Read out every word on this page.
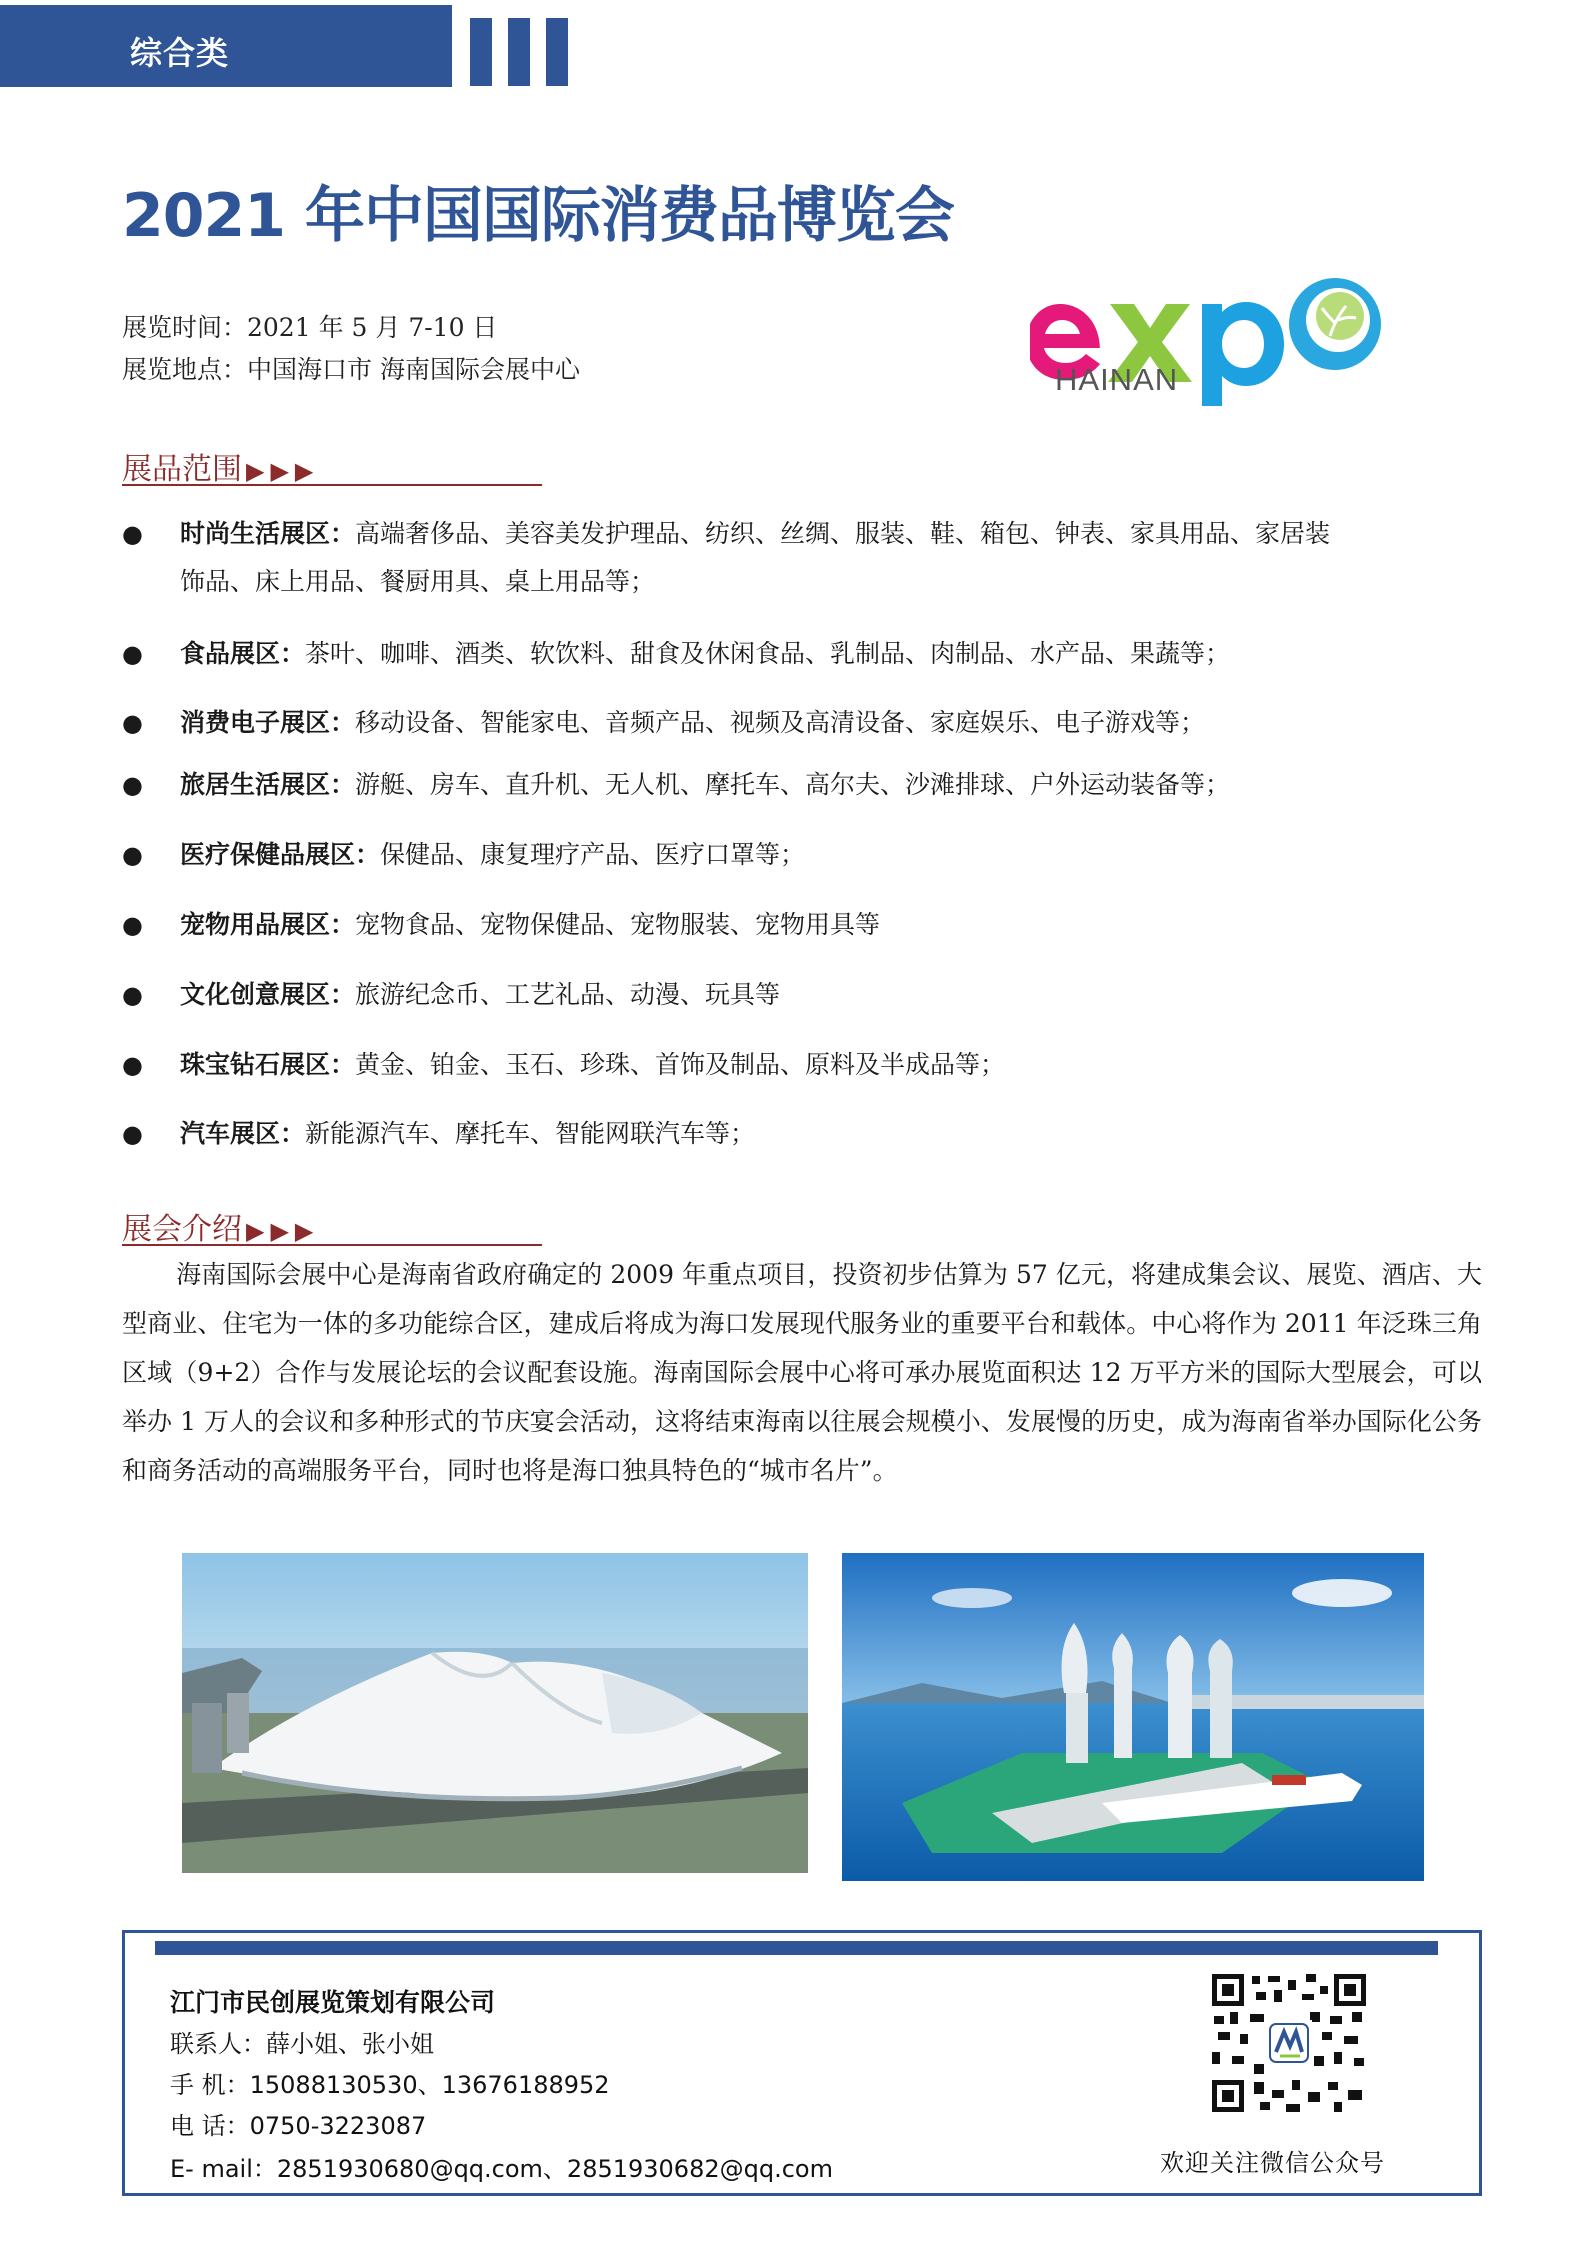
综合类
2021 年中国国际消费品博览会
展览时间：2021 年 5 月 7-10 日
展览地点：中国海口市 海南国际会展中心	HAINAN
展品范围 ▶▶▶
● 时尚生活展区：高端奢侈品、美容美发护理品、纺织、丝绸、服装、鞋、箱包、钟表、家具用品、家居装
饰品、床上用品、餐厨用具、桌上用品等；
● 食品展区：茶叶、咖啡、酒类、软饮料、甜食及休闲食品、乳制品、肉制品、水产品、果蔬等；
● 消费电子展区：移动设备、智能家电、音频产品、视频及高清设备、家庭娱乐、电子游戏等；
● 旅居生活展区：游艇、房车、直升机、无人机、摩托车、高尔夫、沙滩排球、户外运动装备等；
● 医疗保健品展区：保健品、康复理疗产品、医疗口罩等；
● 宠物用品展区：宠物食品、宠物保健品、宠物服装、宠物用具等
● 文化创意展区：旅游纪念币、工艺礼品、动漫、玩具等
● 珠宝钻石展区：黄金、铂金、玉石、珍珠、首饰及制品、原料及半成品等；
● 汽车展区：新能源汽车、摩托车、智能网联汽车等；
展会介绍 ▶▶▶
海南国际会展中心是海南省政府确定的 2009 年重点项目，投资初步估算为 57 亿元，将建成集会议、展览、酒店、大型商业、住宅为一体的多功能综合区，建成后将成为海口发展现代服务业的重要平台和载体。中心将作为 2011 年泛珠三角区域（9+2）合作与发展论坛的会议配套设施。海南国际会展中心将可承办展览面积达 12 万平方米的国际大型展会，可以举办 1 万人的会议和多种形式的节庆宴会活动，这将结束海南以往展会规模小、发展慢的历史，成为海南省举办国际化公务和商务活动的高端服务平台，同时也将是海口独具特色的“城市名片”。
江门市民创展览策划有限公司
联系人：薛小姐、张小姐
手 机：15088130530、13676188952
电 话：0750-3223087
E- mail：2851930680@qq.com、2851930682@qq.com	欢迎关注微信公众号
